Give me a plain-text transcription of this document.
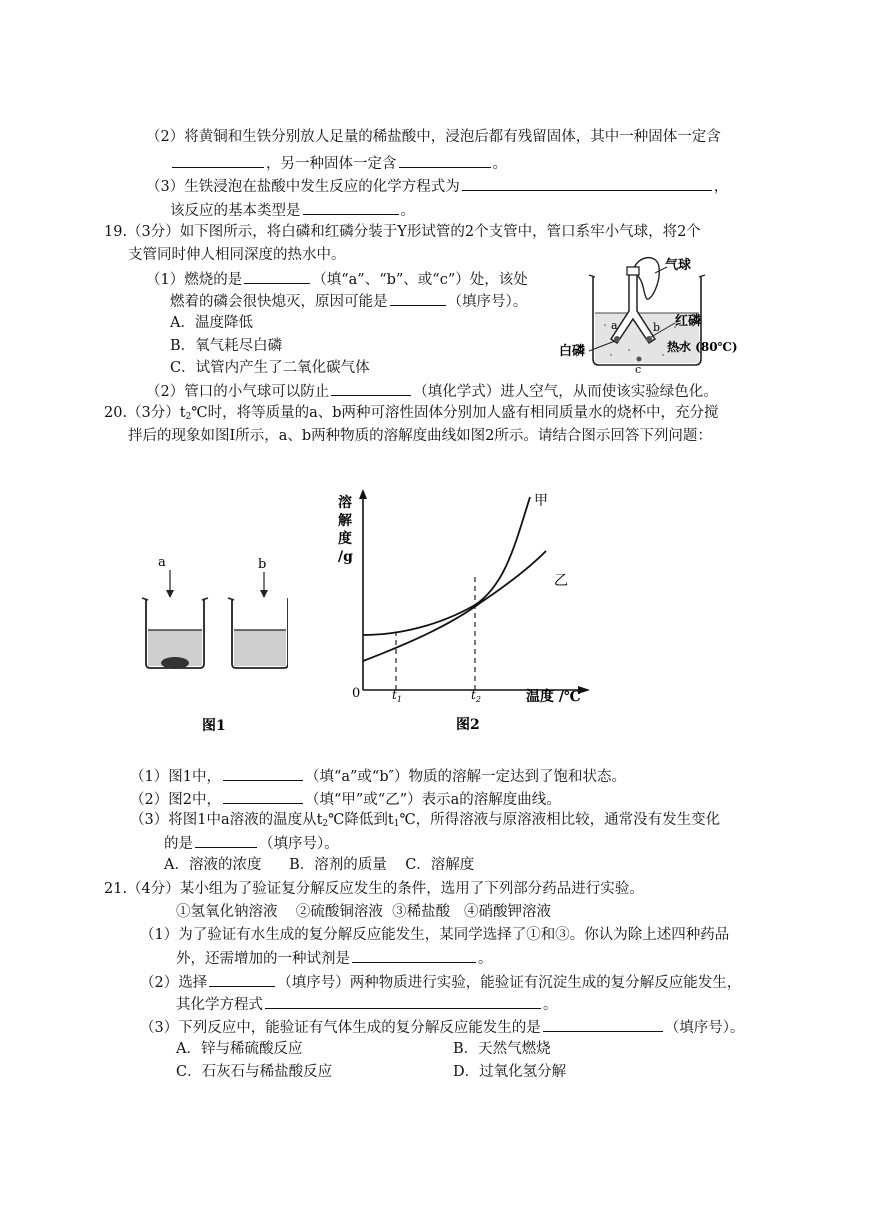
（2）将黄铜和生铁分别放人足量的稀盐酸中，浸泡后都有残留固体，其中一种固体一定含
，另一种固体一定含	。
（3）生铁浸泡在盐酸中发生反应的化学方程式为	，
该反应的基本类型是	。
19.（3分）如下图所示，将白磷和红磷分装于Y形试管的2个支管中，管口系牢小气球，将2个
支管同时伸人相同深度的热水中。
（1）燃烧的是	（填“a”、“b”、或“c”）处，该处
燃着的磷会很快熄灭，原因可能是	（填序号）。
A．温度降低
B．氧气耗尽白磷
C．试管内产生了二氧化碳气体
（2）管口的小气球可以防止	（填化学式）进人空气，从而使该实验绿色化。
a	b
c
红磷
气球
白磷	热水 (80℃)
20.（3分）$t_2℃$时，将等质量的a、b两种可溶性固体分别加人盛有相同质量水的烧杯中，充分搅
拌后的现象如图Ⅰ所示，a、b两种物质的溶解度曲线如图2所示。请结合图示回答下列问题：
a	b
图1
溶
解
度
/g
0	温度 /℃
$t_1$	$t_2$
甲
乙
图2
（1）图1中，	（填“a”或“b″）物质的溶解一定达到了饱和状态。
（2）图2中，	（填“甲”或“乙”）表示a的溶解度曲线。
（3）将图1中a溶液的温度从$t_2℃$降低到$t_1℃$，所得溶液与原溶液相比较，通常没有发生变化
的是	（填序号）。
A．溶液的浓度      B．溶剂的质量    C．溶解度
21.（4分）某小组为了验证复分解反应发生的条件，选用了下列部分药品进行实验。
①氢氧化钠溶液    ②硫酸铜溶液  ③稀盐酸   ④硝酸钾溶液
（1）为了验证有水生成的复分解反应能发生，某同学选择了①和③。你认为除上述四种药品
外，还需增加的一种试剂是	。
（2）选择	（填序号）两种物质进行实验，能验证有沉淀生成的复分解反应能发生，
其化学方程式	。
（3）下列反应中，能验证有气体生成的复分解反应能发生的是	（填序号）。
A．锌与稀硫酸反应	B．天然气燃烧
C．石灰石与稀盐酸反应	D．过氧化氢分解
